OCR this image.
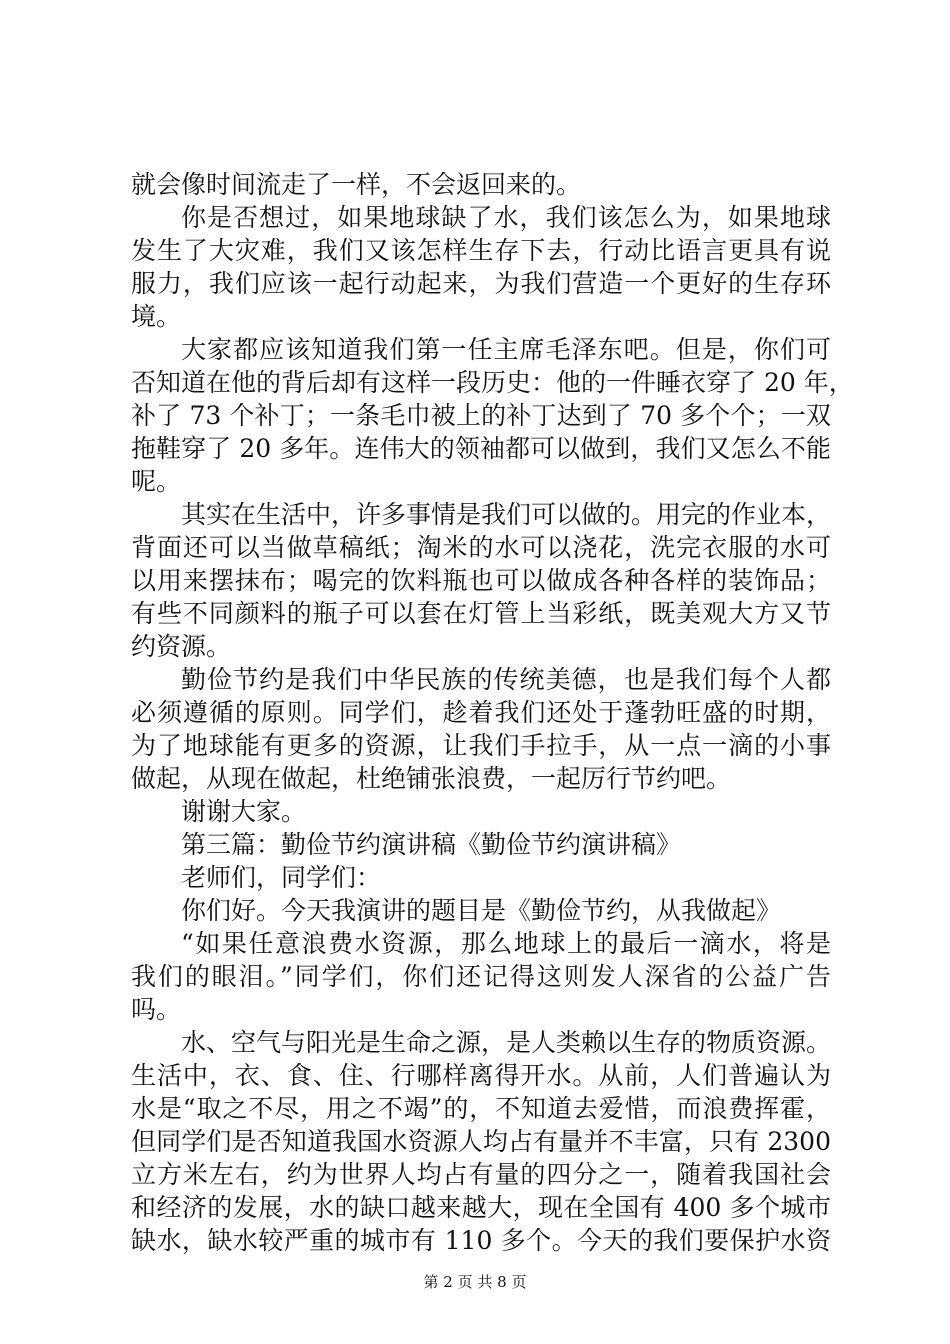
就会像时间流走了一样，不会返回来的。

你是否想过，如果地球缺了水，我们该怎么为，如果地球

发生了大灾难，我们又该怎样生存下去，行动比语言更具有说

服力，我们应该一起行动起来，为我们营造一个更好的生存环

境。

大家都应该知道我们第一任主席毛泽东吧。但是，你们可

否知道在他的背后却有这样一段历史：他的一件睡衣穿了 20 年，

补了 73 个补丁；一条毛巾被上的补丁达到了 70 多个个；一双

拖鞋穿了 20 多年。连伟大的领袖都可以做到，我们又怎么不能

呢。

其实在生活中，许多事情是我们可以做的。用完的作业本，

背面还可以当做草稿纸；淘米的水可以浇花，洗完衣服的水可

以用来摆抹布；喝完的饮料瓶也可以做成各种各样的装饰品；

有些不同颜料的瓶子可以套在灯管上当彩纸，既美观大方又节

约资源。

勤俭节约是我们中华民族的传统美德，也是我们每个人都

必须遵循的原则。同学们，趁着我们还处于蓬勃旺盛的时期，

为了地球能有更多的资源，让我们手拉手，从一点一滴的小事

做起，从现在做起，杜绝铺张浪费，一起厉行节约吧。

谢谢大家。

第三篇：勤俭节约演讲稿《勤俭节约演讲稿》

老师们，同学们：

你们好。今天我演讲的题目是《勤俭节约，从我做起》

“如果任意浪费水资源，那么地球上的最后一滴水，将是

我们的眼泪。”同学们，你们还记得这则发人深省的公益广告

吗。

水、空气与阳光是生命之源，是人类赖以生存的物质资源。

生活中，衣、食、住、行哪样离得开水。从前，人们普遍认为

水是“取之不尽，用之不竭”的，不知道去爱惜，而浪费挥霍，

但同学们是否知道我国水资源人均占有量并不丰富，只有 2300

立方米左右，约为世界人均占有量的四分之一，随着我国社会

和经济的发展，水的缺口越来越大，现在全国有 400 多个城市

缺水，缺水较严重的城市有 110 多个。今天的我们要保护水资

第 2 页 共 8 页
